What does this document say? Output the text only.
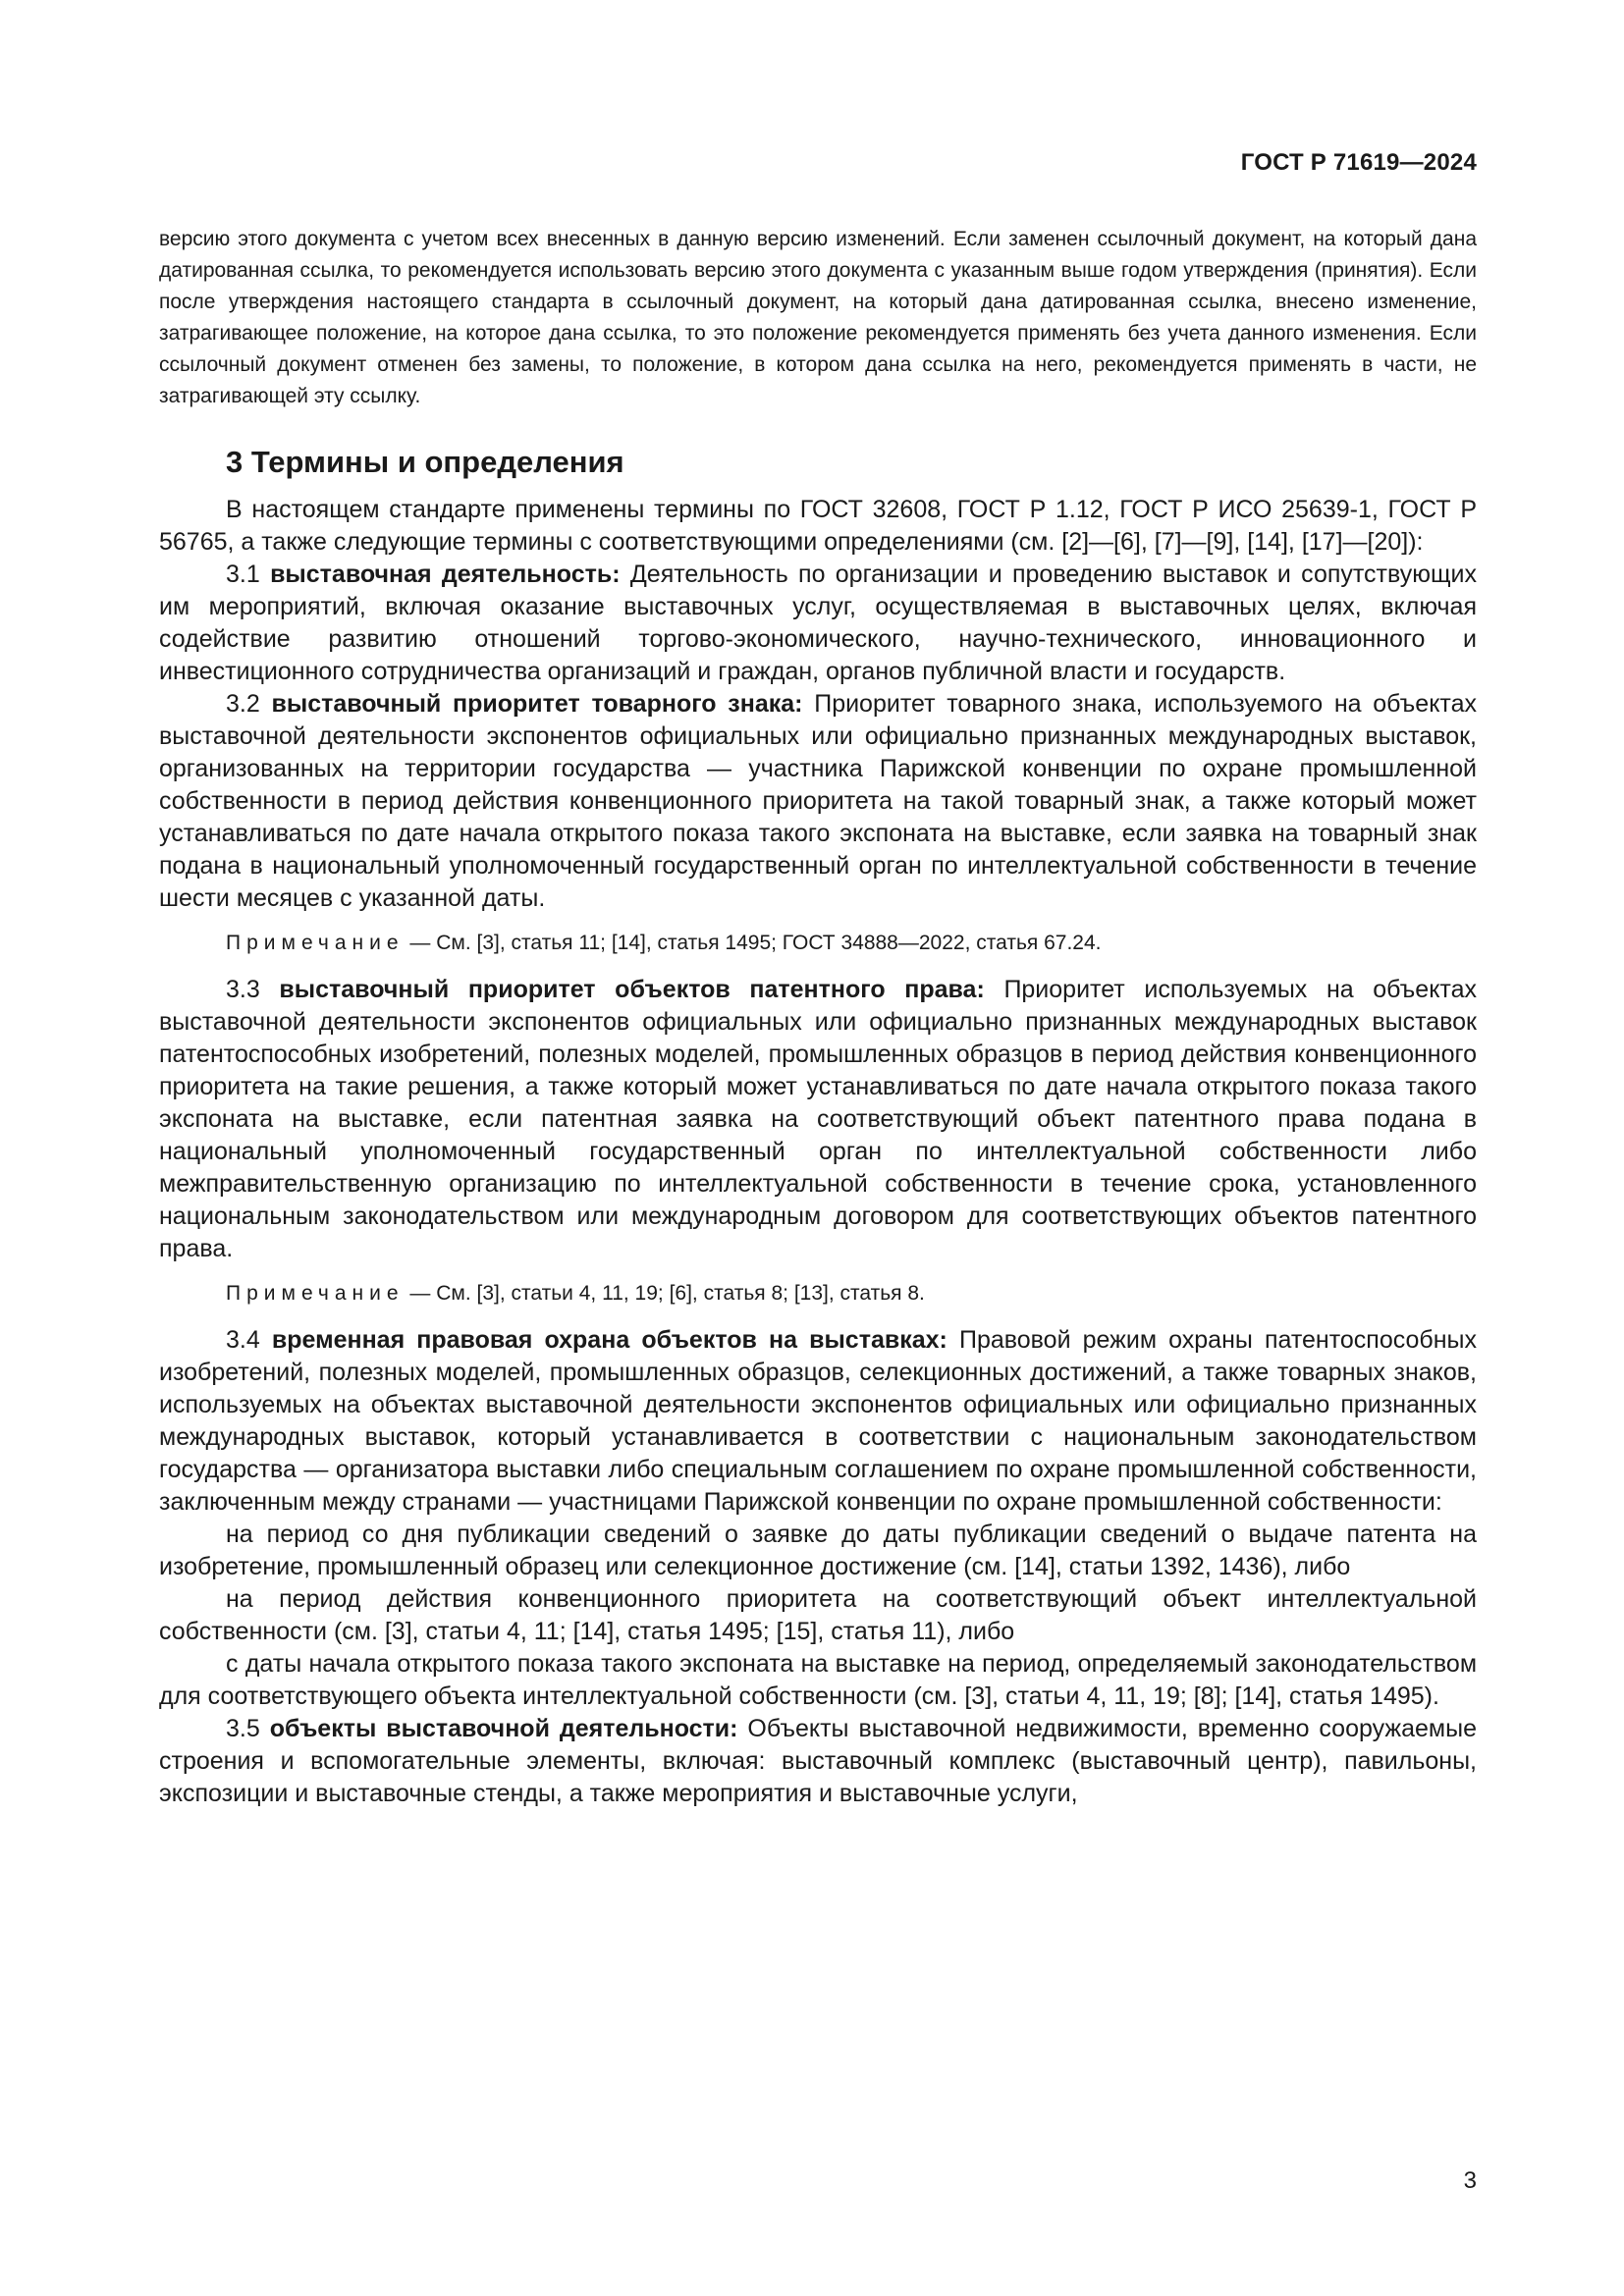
ГОСТ Р 71619—2024

версию этого документа с учетом всех внесенных в данную версию изменений. Если заменен ссылочный документ, на который дана датированная ссылка, то рекомендуется использовать версию этого документа с указанным выше годом утверждения (принятия). Если после утверждения настоящего стандарта в ссылочный документ, на который дана датированная ссылка, внесено изменение, затрагивающее положение, на которое дана ссылка, то это положение рекомендуется применять без учета данного изменения. Если ссылочный документ отменен без замены, то положение, в котором дана ссылка на него, рекомендуется применять в части, не затрагивающей эту ссылку.

3 Термины и определения

В настоящем стандарте применены термины по ГОСТ 32608, ГОСТ Р 1.12, ГОСТ Р ИСО 25639-1, ГОСТ Р 56765, а также следующие термины с соответствующими определениями (см. [2]—[6], [7]—[9], [14], [17]—[20]):

3.1 выставочная деятельность: Деятельность по организации и проведению выставок и сопутствующих им мероприятий, включая оказание выставочных услуг, осуществляемая в выставочных целях, включая содействие развитию отношений торгово-экономического, научно-технического, инновационного и инвестиционного сотрудничества организаций и граждан, органов публичной власти и государств.

3.2 выставочный приоритет товарного знака: Приоритет товарного знака, используемого на объектах выставочной деятельности экспонентов официальных или официально признанных международных выставок, организованных на территории государства — участника Парижской конвенции по охране промышленной собственности в период действия конвенционного приоритета на такой товарный знак, а также который может устанавливаться по дате начала открытого показа такого экспоната на выставке, если заявка на товарный знак подана в национальный уполномоченный государственный орган по интеллектуальной собственности в течение шести месяцев с указанной даты.

Примечание — См. [3], статья 11; [14], статья 1495; ГОСТ 34888—2022, статья 67.24.

3.3 выставочный приоритет объектов патентного права: Приоритет используемых на объектах выставочной деятельности экспонентов официальных или официально признанных международных выставок патентоспособных изобретений, полезных моделей, промышленных образцов в период действия конвенционного приоритета на такие решения, а также который может устанавливаться по дате начала открытого показа такого экспоната на выставке, если патентная заявка на соответствующий объект патентного права подана в национальный уполномоченный государственный орган по интеллектуальной собственности либо межправительственную организацию по интеллектуальной собственности в течение срока, установленного национальным законодательством или международным договором для соответствующих объектов патентного права.

Примечание — См. [3], статьи 4, 11, 19; [6], статья 8; [13], статья 8.

3.4 временная правовая охрана объектов на выставках: Правовой режим охраны патентоспособных изобретений, полезных моделей, промышленных образцов, селекционных достижений, а также товарных знаков, используемых на объектах выставочной деятельности экспонентов официальных или официально признанных международных выставок, который устанавливается в соответствии с национальным законодательством государства — организатора выставки либо специальным соглашением по охране промышленной собственности, заключенным между странами — участницами Парижской конвенции по охране промышленной собственности:

на период со дня публикации сведений о заявке до даты публикации сведений о выдаче патента на изобретение, промышленный образец или селекционное достижение (см. [14], статьи 1392, 1436), либо

на период действия конвенционного приоритета на соответствующий объект интеллектуальной собственности (см. [3], статьи 4, 11; [14], статья 1495; [15], статья 11), либо

с даты начала открытого показа такого экспоната на выставке на период, определяемый законодательством для соответствующего объекта интеллектуальной собственности (см. [3], статьи 4, 11, 19; [8]; [14], статья 1495).

3.5 объекты выставочной деятельности: Объекты выставочной недвижимости, временно сооружаемые строения и вспомогательные элементы, включая: выставочный комплекс (выставочный центр), павильоны, экспозиции и выставочные стенды, а также мероприятия и выставочные услуги,

3
